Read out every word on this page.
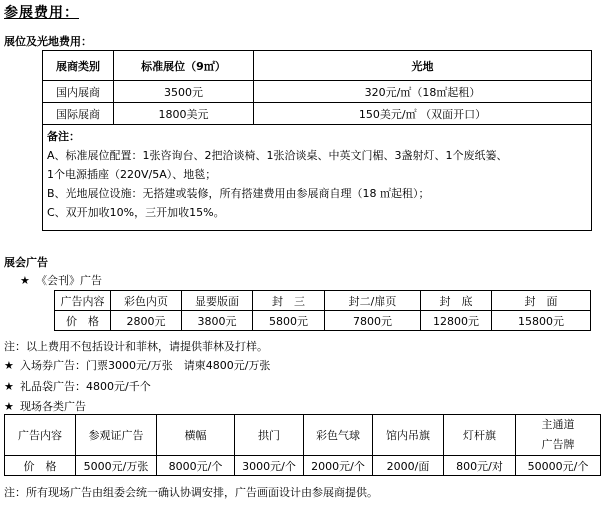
参展费用：
展位及光地费用：
展商类别	标准展位（9㎡）	光地
国内展商	3500元	320元/㎡（18㎡起租）
国际展商	1800美元	150美元/㎡ （双面开口）

备注：
A、标准展位配置：1张咨询台、2把洽谈椅、1张洽谈桌、中英文门楣、3盏射灯、1个废纸篓、
1个电源插座（220V/5A）、地毯；
B、光地展位设施：无搭建或装修，所有搭建费用由参展商自理（18 ㎡起租）；
C、双开加收10%，三开加收15%。		
展会广告
★ 《会刊》广告
广告内容	彩色内页	显要版面	封　三	封二/扉页	封　底	封　面
价　格	2800元	3800元	5800元	7800元	12800元	15800元
注：以上费用不包括设计和菲林，请提供菲林及打样。
★ 入场券广告：门票3000元/万张　请柬4800元/万张
★ 礼品袋广告：4800元/千个
★ 现场各类广告
广告内容	参观证广告	横幅	拱门	彩色气球	馆内吊旗	灯杆旗	主通道
广告牌

价　格	5000元/万张	8000元/个	3000元/个	2000元/个	2000/面	800元/对	50000元/个
注：所有现场广告由组委会统一确认协调安排，广告画面设计由参展商提供。
